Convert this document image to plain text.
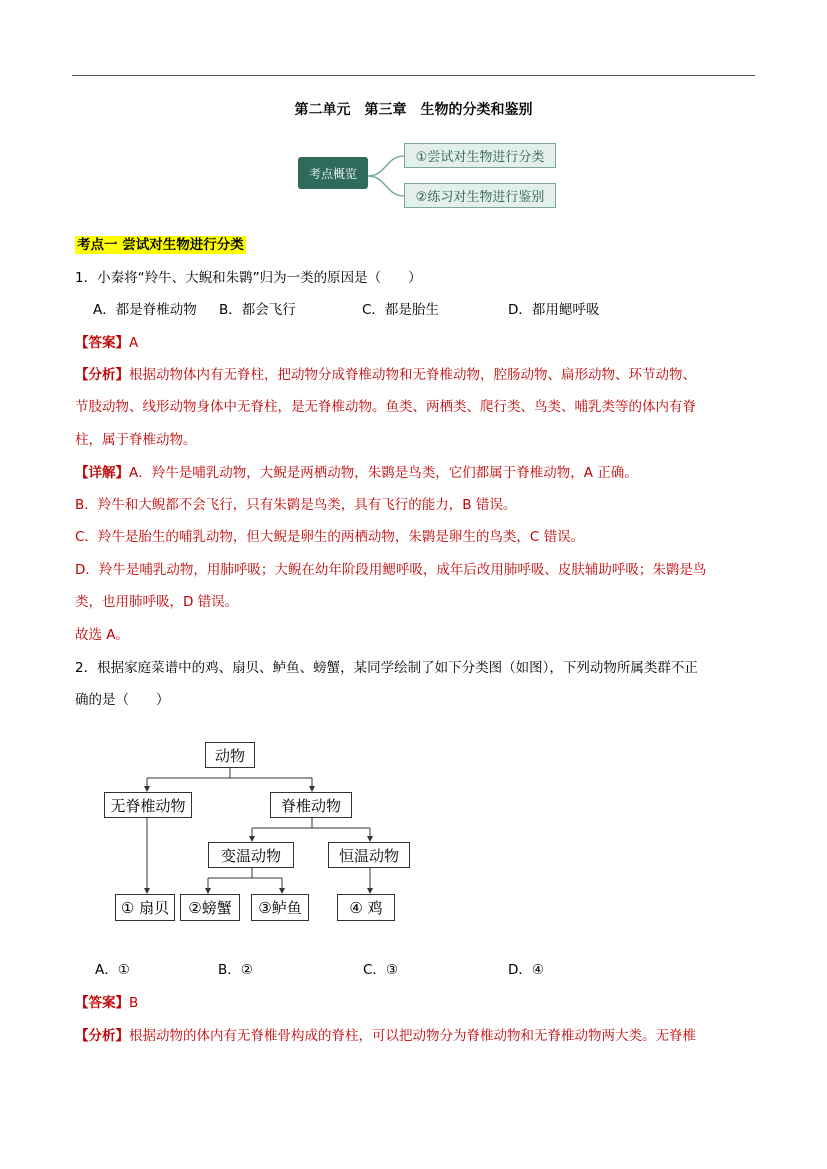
第二单元　第三章　生物的分类和鉴别
考点概览
①尝试对生物进行分类
②练习对生物进行鉴别
考点一 尝试对生物进行分类
1．小秦将“羚牛、大鲵和朱鹮”归为一类的原因是（　　）
A．都是脊椎动物 B．都会飞行	C．都是胎生	D．都用鳃呼吸
【答案】A
【分析】根据动物体内有无脊柱，把动物分成脊椎动物和无脊椎动物，腔肠动物、扁形动物、环节动物、
节肢动物、线形动物身体中无脊柱，是无脊椎动物。鱼类、两栖类、爬行类、鸟类、哺乳类等的体内有脊
柱，属于脊椎动物。
【详解】A．羚牛是哺乳动物，大鲵是两栖动物，朱鹮是鸟类，它们都属于脊椎动物，A 正确。
B．羚牛和大鲵都不会飞行，只有朱鹮是鸟类，具有飞行的能力，B 错误。
C．羚牛是胎生的哺乳动物，但大鲵是卵生的两栖动物，朱鹮是卵生的鸟类，C 错误。
D．羚牛是哺乳动物，用肺呼吸；大鲵在幼年阶段用鳃呼吸，成年后改用肺呼吸、皮肤辅助呼吸；朱鹮是鸟
类，也用肺呼吸，D 错误。
故选 A。
2．根据家庭菜谱中的鸡、扇贝、鲈鱼、螃蟹，某同学绘制了如下分类图（如图），下列动物所属类群不正
确的是（　　）
动物
无脊椎动物	脊椎动物
变温动物	恒温动物
① 扇贝	②螃蟹	③鲈鱼	④ 鸡
A．①	B．②	C．③	D．④
【答案】B
【分析】根据动物的体内有无脊椎骨构成的脊柱，可以把动物分为脊椎动物和无脊椎动物两大类。无脊椎
